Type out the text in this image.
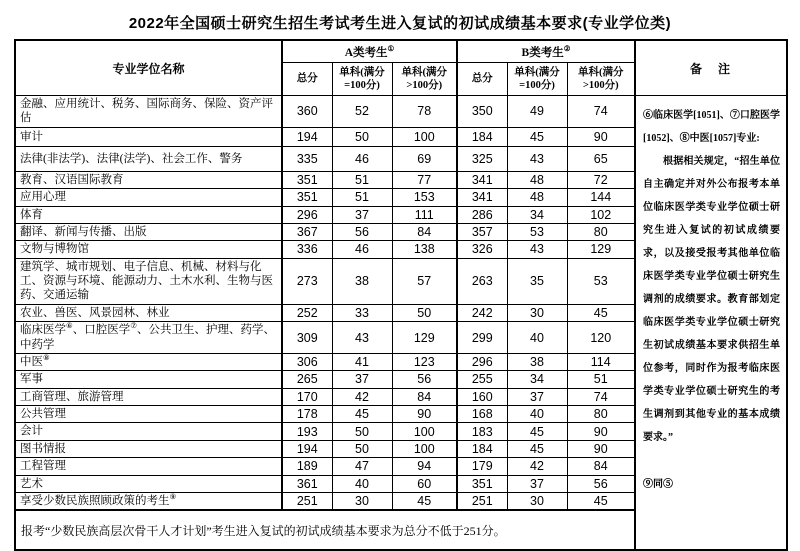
2022年全国硕士研究生招生考试考生进入复试的初试成绩基本要求(专业学位类)
专业学位名称	A类考生①			B类考生②			备　注
	总分	单科(满分=100分)	单科(满分>100分)	总分	单科(满分=100分)	单科(满分>100分)	
金融、应用统计、税务、国际商务、保险、资产评估	360	52	78	350	49	74	⑥临床医学[1051]、⑦口腔医学[1052]、⑧中医[1057]专业:

根据相关规定，“招生单位自主确定并对外公布报考本单位临床医学类专业学位硕士研究生进入复试的初试成绩要求，以及接受报考其他单位临床医学类专业学位硕士研究生调剂的成绩要求。教育部划定临床医学类专业学位硕士研究生初试成绩基本要求供招生单位参考，同时作为报考临床医学类专业学位硕士研究生的考生调剂到其他专业的基本成绩要求。”

⑨同⑤

审计	194	50	100	184	45	90	
法律(非法学)、法律(法学)、社会工作、警务	335	46	69	325	43	65	
教育、汉语国际教育	351	51	77	341	48	72	
应用心理	351	51	153	341	48	144	
体育	296	37	111	286	34	102	
翻译、新闻与传播、出版	367	56	84	357	53	80	
文物与博物馆	336	46	138	326	43	129	
建筑学、城市规划、电子信息、机械、材料与化工、资源与环境、能源动力、土木水利、生物与医药、交通运输	273	38	57	263	35	53	
农业、兽医、风景园林、林业	252	33	50	242	30	45	
临床医学⑥、口腔医学⑦、公共卫生、护理、药学、中药学	309	43	129	299	40	120	
中医⑧	306	41	123	296	38	114	
军事	265	37	56	255	34	51	
工商管理、旅游管理	170	42	84	160	37	74	
公共管理	178	45	90	168	40	80	
会计	193	50	100	183	45	90	
图书情报	194	50	100	184	45	90	
工程管理	189	47	94	179	42	84	
艺术	361	40	60	351	37	56	
享受少数民族照顾政策的考生⑨	251	30	45	251	30	45	
报考“少数民族高层次骨干人才计划”考生进入复试的初试成绩基本要求为总分不低于251分。							
